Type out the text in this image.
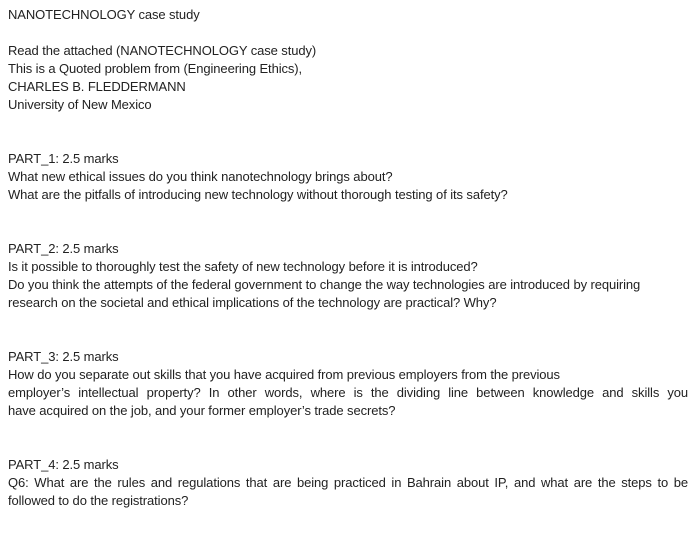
NANOTECHNOLOGY case study

Read the attached (NANOTECHNOLOGY case study)

This is a Quoted problem from (Engineering Ethics),

CHARLES B. FLEDDERMANN

University of New Mexico

PART_1: 2.5 marks

What new ethical issues do you think nanotechnology brings about?

What are the pitfalls of introducing new technology without thorough testing of its safety?

PART_2: 2.5 marks

Is it possible to thoroughly test the safety of new technology before it is introduced?

Do you think the attempts of the federal government to change the way technologies are introduced by requiring

research on the societal and ethical implications of the technology are practical? Why?

PART_3: 2.5 marks

How do you separate out skills that you have acquired from previous employers from the previous

employer’s intellectual property? In other words, where is the dividing line between knowledge and skills you

have acquired on the job, and your former employer’s trade secrets?

PART_4: 2.5 marks

Q6: What are the rules and regulations that are being practiced in Bahrain about IP, and what are the steps to be

followed to do the registrations?
